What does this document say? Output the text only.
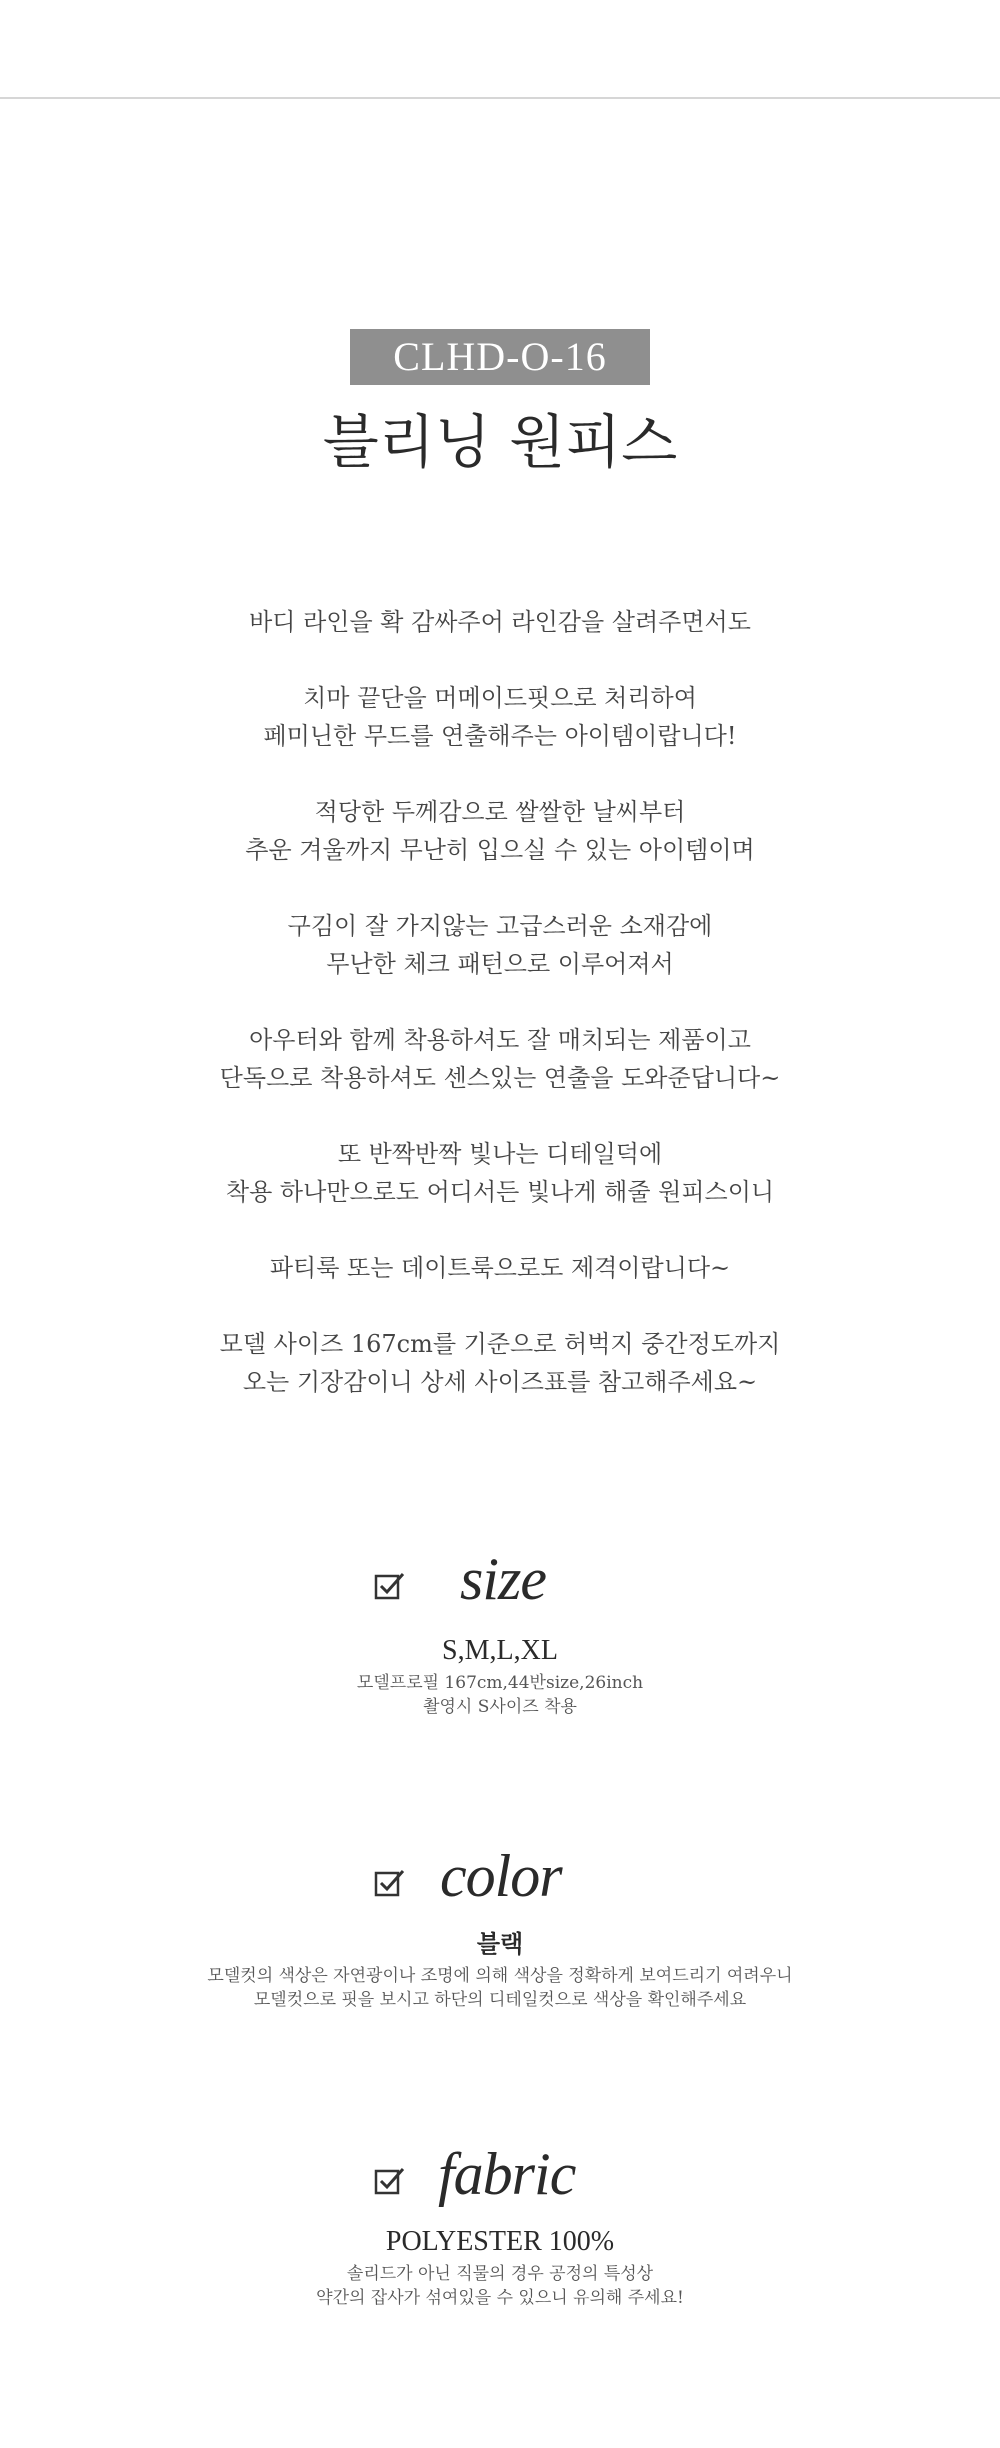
CLHD-O-16
블리닝 원피스
바디 라인을 확 감싸주어 라인감을 살려주면서도
치마 끝단을 머메이드핏으로 처리하여
페미닌한 무드를 연출해주는 아이템이랍니다!
적당한 두께감으로 쌀쌀한 날씨부터
추운 겨울까지 무난히 입으실 수 있는 아이템이며
구김이 잘 가지않는 고급스러운 소재감에
무난한 체크 패턴으로 이루어져서
아우터와 함께 착용하셔도 잘 매치되는 제품이고
단독으로 착용하셔도 센스있는 연출을 도와준답니다~
또 반짝반짝 빛나는 디테일덕에
착용 하나만으로도 어디서든 빛나게 해줄 원피스이니
파티룩 또는 데이트룩으로도 제격이랍니다~
모델 사이즈 167cm를 기준으로 허벅지 중간정도까지
오는 기장감이니 상세 사이즈표를 참고해주세요~
size
S,M,L,XL
모델프로필 167cm,44반size,26inch
촬영시 S사이즈 착용
color
블랙
모델컷의 색상은 자연광이나 조명에 의해 색상을 정확하게 보여드리기 여려우니
모델컷으로 핏을 보시고 하단의 디테일컷으로 색상을 확인해주세요
fabric
POLYESTER 100%
솔리드가 아닌 직물의 경우 공정의 특성상
약간의 잡사가 섞여있을 수 있으니 유의해 주세요!
